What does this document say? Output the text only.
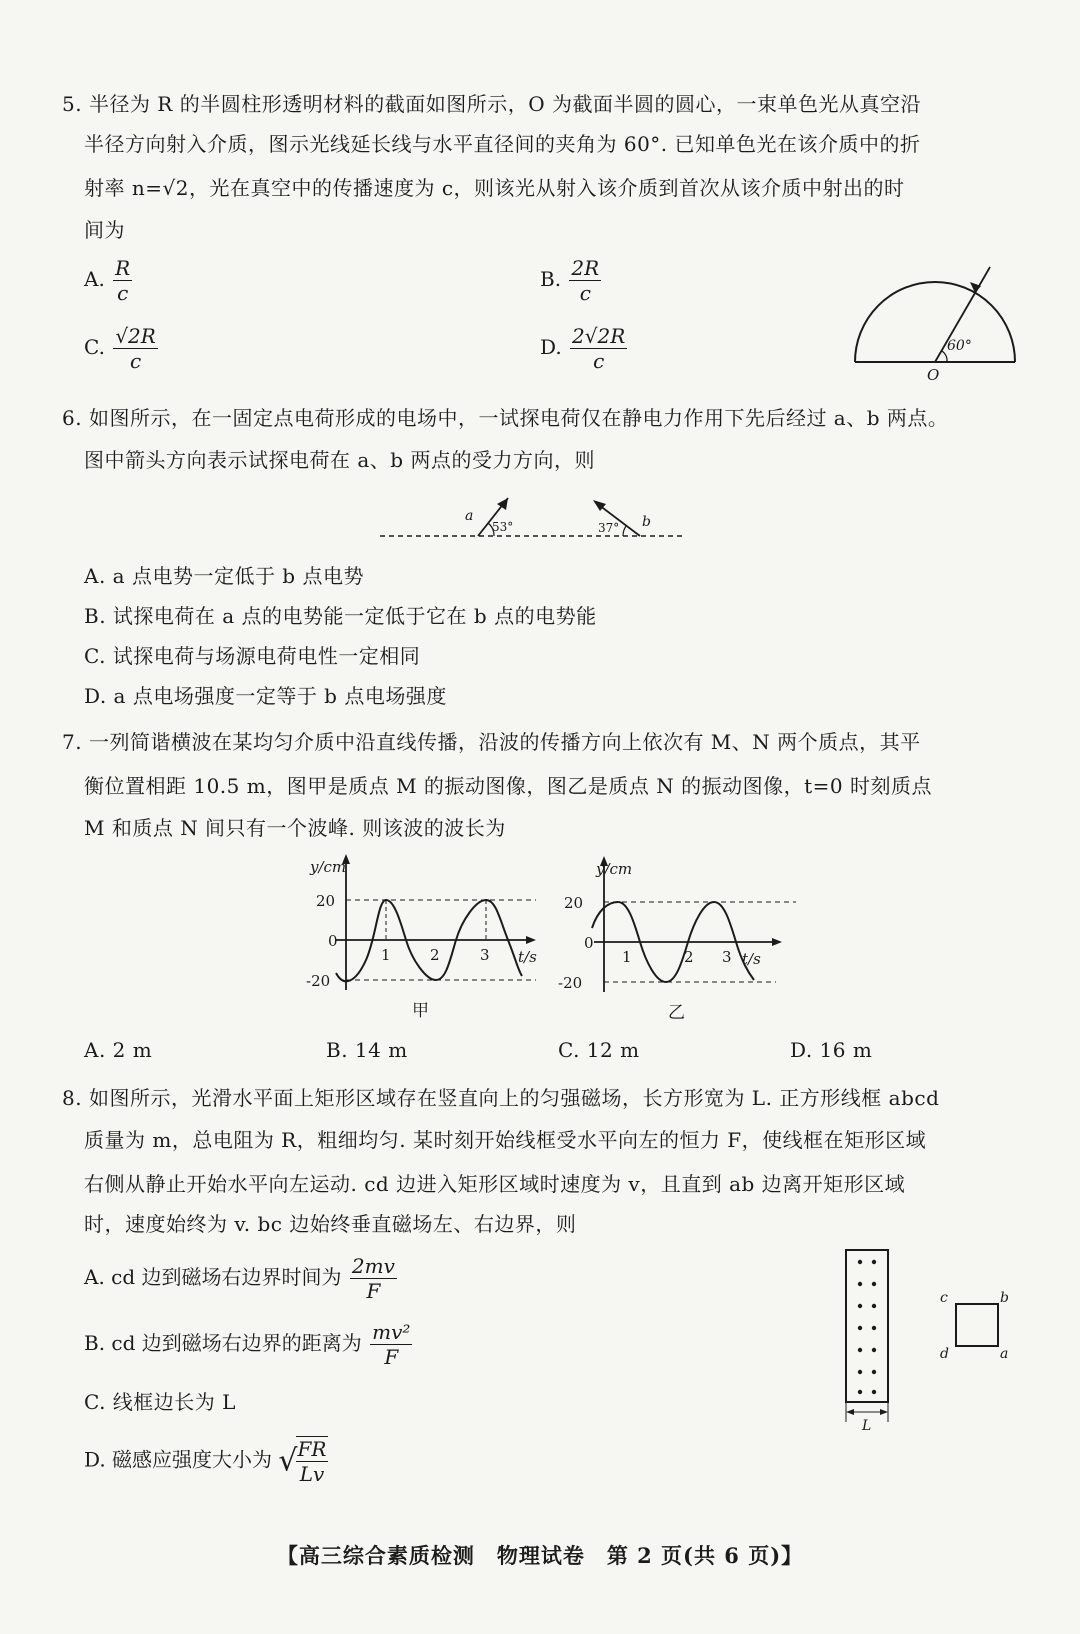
5. 半径为 R 的半圆柱形透明材料的截面如图所示，O 为截面半圆的圆心，一束单色光从真空沿
半径方向射入介质，图示光线延长线与水平直径间的夹角为 60°. 已知单色光在该介质中的折
射率 n=√2，光在真空中的传播速度为 c，则该光从射入该介质到首次从该介质中射出的时
间为
A. $\frac{R}{c}$	B. $\frac{2R}{c}$
C. $\frac{√2R}{c}$	D. $\frac{2√2R}{c}$	60°
O
6. 如图所示，在一固定点电荷形成的电场中，一试探电荷仅在静电力作用下先后经过 a、b 两点。
图中箭头方向表示试探电荷在 a、b 两点的受力方向，则
a
53°	37° b
A. a 点电势一定低于 b 点电势
B. 试探电荷在 a 点的电势能一定低于它在 b 点的电势能
C. 试探电荷与场源电荷电性一定相同
D. a 点电场强度一定等于 b 点电场强度
7. 一列简谐横波在某均匀介质中沿直线传播，沿波的传播方向上依次有 M、N 两个质点，其平
衡位置相距 10.5 m，图甲是质点 M 的振动图像，图乙是质点 N 的振动图像，t=0 时刻质点
M 和质点 N 间只有一个波峰. 则该波的波长为
y/cm
20
0
-20
1	2	3 t/s
甲
y/cm
20
0
-20
1	2 3 t/s
乙
A. 2 m	B. 14 m	C. 12 m	D. 16 m
8. 如图所示，光滑水平面上矩形区域存在竖直向上的匀强磁场，长方形宽为 L. 正方形线框 abcd
质量为 m，总电阻为 R，粗细均匀. 某时刻开始线框受水平向左的恒力 F，使线框在矩形区域
右侧从静止开始水平向左运动. cd 边进入矩形区域时速度为 v，且直到 ab 边离开矩形区域
时，速度始终为 v. bc 边始终垂直磁场左、右边界，则
A. cd 边到磁场右边界时间为 $\frac{2mv}{F}$
B. cd 边到磁场右边界的距离为 $\frac{\text{mv²}}{F}$
C. 线框边长为 L
D. 磁感应强度大小为 √
$\frac{FR}{Lv}$
L
c	b
d	a
【高三综合素质检测　物理试卷　第 2 页(共 6 页)】
